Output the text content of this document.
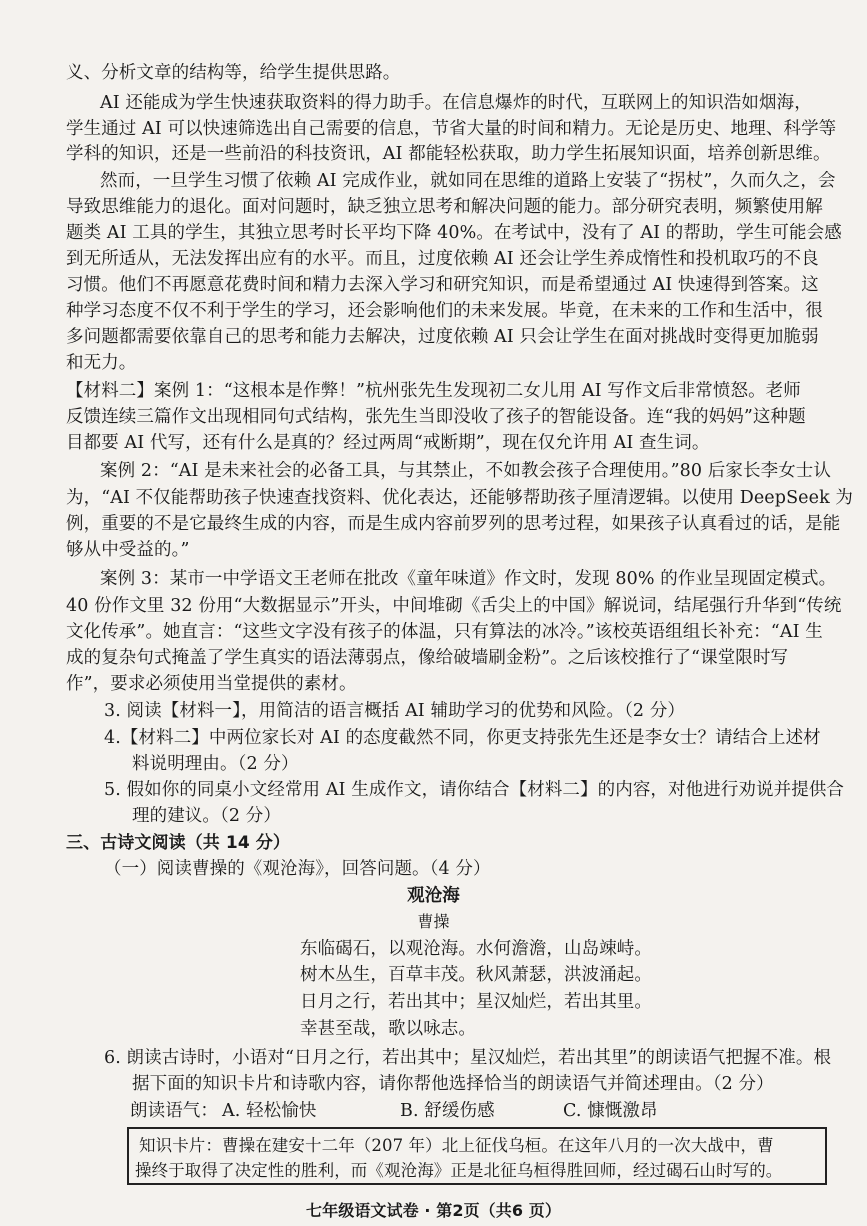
义、分析文章的结构等，给学生提供思路。
AI 还能成为学生快速获取资料的得力助手。在信息爆炸的时代，互联网上的知识浩如烟海，
学生通过 AI 可以快速筛选出自己需要的信息，节省大量的时间和精力。无论是历史、地理、科学等
学科的知识，还是一些前沿的科技资讯，AI 都能轻松获取，助力学生拓展知识面，培养创新思维。
然而，一旦学生习惯了依赖 AI 完成作业，就如同在思维的道路上安装了“拐杖”，久而久之，会
导致思维能力的退化。面对问题时，缺乏独立思考和解决问题的能力。部分研究表明，频繁使用解
题类 AI 工具的学生，其独立思考时长平均下降 40%。在考试中，没有了 AI 的帮助，学生可能会感
到无所适从，无法发挥出应有的水平。而且，过度依赖 AI 还会让学生养成惰性和投机取巧的不良
习惯。他们不再愿意花费时间和精力去深入学习和研究知识，而是希望通过 AI 快速得到答案。这
种学习态度不仅不利于学生的学习，还会影响他们的未来发展。毕竟，在未来的工作和生活中，很
多问题都需要依靠自己的思考和能力去解决，过度依赖 AI 只会让学生在面对挑战时变得更加脆弱
和无力。
【材料二】案例 1：“这根本是作弊！”杭州张先生发现初二女儿用 AI 写作文后非常愤怒。老师
反馈连续三篇作文出现相同句式结构，张先生当即没收了孩子的智能设备。连“我的妈妈”这种题
目都要 AI 代写，还有什么是真的？经过两周“戒断期”，现在仅允许用 AI 查生词。
案例 2：“AI 是未来社会的必备工具，与其禁止，不如教会孩子合理使用。”80 后家长李女士认
为，“AI 不仅能帮助孩子快速查找资料、优化表达，还能够帮助孩子厘清逻辑。以使用 DeepSeek 为
例，重要的不是它最终生成的内容，而是生成内容前罗列的思考过程，如果孩子认真看过的话，是能
够从中受益的。”
案例 3：某市一中学语文王老师在批改《童年味道》作文时，发现 80% 的作业呈现固定模式。
40 份作文里 32 份用“大数据显示”开头，中间堆砌《舌尖上的中国》解说词，结尾强行升华到“传统
文化传承”。她直言：“这些文字没有孩子的体温，只有算法的冰冷。”该校英语组组长补充：“AI 生
成的复杂句式掩盖了学生真实的语法薄弱点，像给破墙刷金粉”。之后该校推行了“课堂限时写
作”，要求必须使用当堂提供的素材。
3. 阅读【材料一】，用简洁的语言概括 AI 辅助学习的优势和风险。（2 分）
4.【材料二】中两位家长对 AI 的态度截然不同，你更支持张先生还是李女士？请结合上述材
料说明理由。（2 分）
5. 假如你的同桌小文经常用 AI 生成作文，请你结合【材料二】的内容，对他进行劝说并提供合
理的建议。（2 分）
三、古诗文阅读（共 14 分）
（一）阅读曹操的《观沧海》，回答问题。（4 分）
观沧海
曹操
东临碣石，以观沧海。水何澹澹，山岛竦峙。
树木丛生，百草丰茂。秋风萧瑟，洪波涌起。
日月之行，若出其中；星汉灿烂，若出其里。
幸甚至哉，歌以咏志。
6. 朗读古诗时，小语对“日月之行，若出其中；星汉灿烂，若出其里”的朗读语气把握不准。根
据下面的知识卡片和诗歌内容，请你帮他选择恰当的朗读语气并简述理由。（2 分）
朗读语气： A. 轻松愉快	B. 舒缓伤感	C. 慷慨激昂
知识卡片：曹操在建安十二年（207 年）北上征伐乌桓。在这年八月的一次大战中，曹
操终于取得了决定性的胜利，而《观沧海》正是北征乌桓得胜回师，经过碣石山时写的。
七年级语文试卷 · 第2页（共6 页）
